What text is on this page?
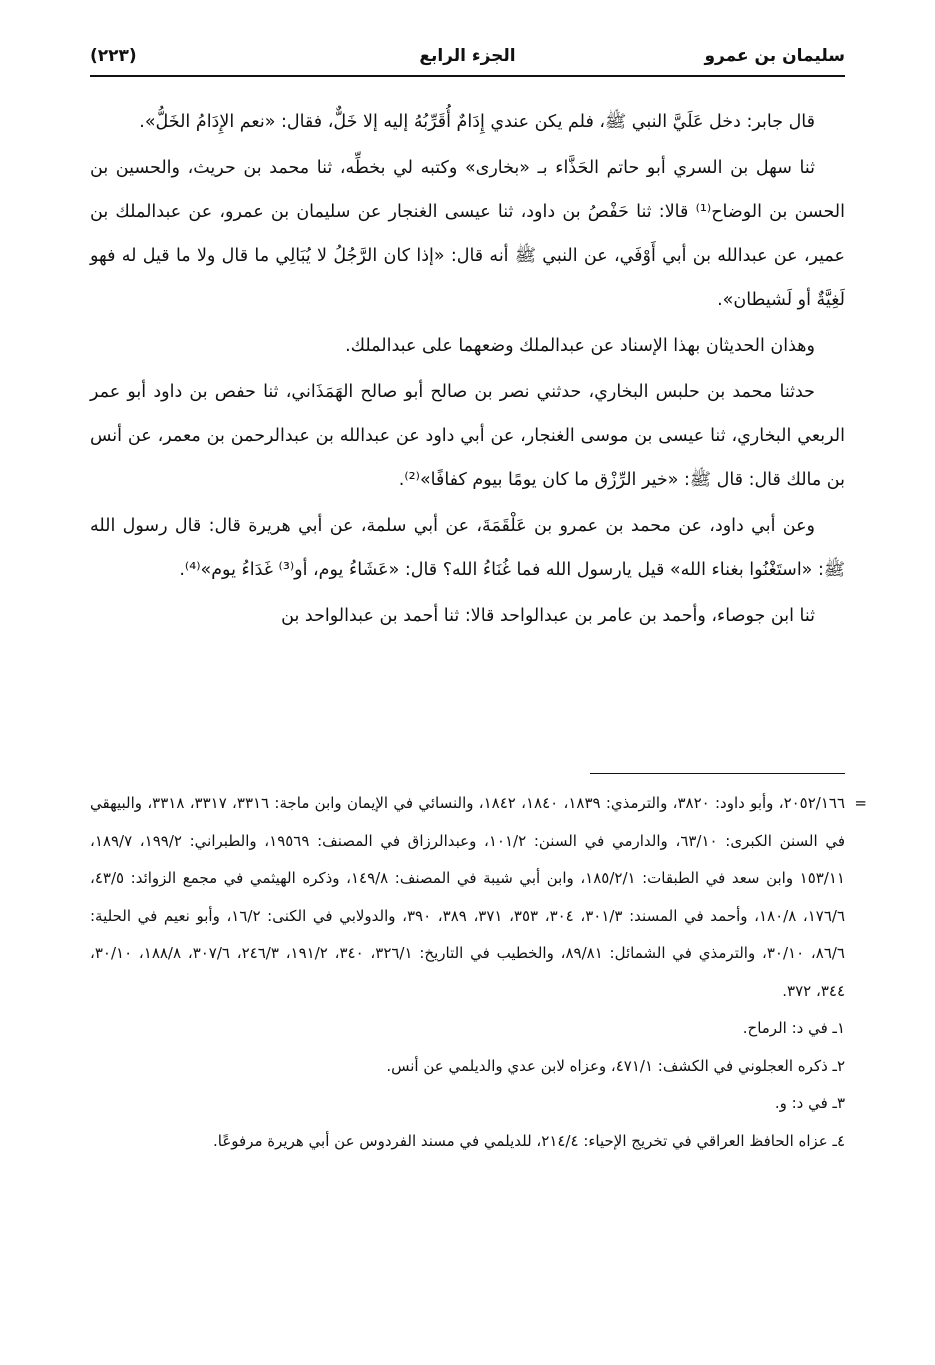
سليمان بن عمرو
الجزء الرابع
(٢٢٣)

قال جابر: دخل عَلَيَّ النبي ﷺ، فلم يكن عندي إِدَامٌ أُقَرِّبُهُ إليه إلا خَلٌّ، فقال: «نعم الإِدَامُ الخَلُّ».

ثنا سهل بن السري أبو حاتم الحَذَّاء بـ «بخارى» وكتبه لي بخطِّه، ثنا محمد بن حريث، والحسين بن الحسن بن الوضاح⁽¹⁾ قالا: ثنا حَفْصُ بن داود، ثنا عيسى الغنجار عن سليمان بن عمرو، عن عبدالملك بن عمير، عن عبدالله بن أبي أَوْفَي، عن النبي ﷺ أنه قال: «إذا كان الرَّجُلُ لا يُبَالِي ما قال ولا ما قيل له فهو لَغِيَّةٌ أو لَشيطان».

وهذان الحديثان بهذا الإسناد عن عبدالملك وضعهما على عبدالملك.

حدثنا محمد بن حلبس البخاري، حدثني نصر بن صالح أبو صالح الهَمَذَاني، ثنا حفص بن داود أبو عمر الربعي البخاري، ثنا عيسى بن موسى الغنجار، عن أبي داود عن عبدالله بن عبدالرحمن بن معمر، عن أنس بن مالك قال: قال ﷺ: «خير الرِّزْق ما كان يومًا بيوم كفافًا»⁽²⁾.

وعن أبي داود، عن محمد بن عمرو بن عَلْقَمَةَ، عن أبي سلمة، عن أبي هريرة قال: قال رسول الله ﷺ: «استَغْنُوا بغناء الله» قيل يارسول الله فما غُنَاءُ الله؟ قال: «عَشَاءُ يوم، أو⁽³⁾ غَدَاءُ يوم»⁽⁴⁾.

ثنا ابن جوصاء، وأحمد بن عامر بن عبدالواحد قالا: ثنا أحمد بن عبدالواحد بن

=

٢٠٥٢/١٦٦، وأبو داود: ٣٨٢٠، والترمذي: ١٨٣٩، ١٨٤٠، ١٨٤٢، والنسائي في الإيمان وابن ماجة: ٣٣١٦، ٣٣١٧، ٣٣١٨، والبيهقي في السنن الكبرى: ٦٣/١٠، والدارمي في السنن: ١٠١/٢، وعبدالرزاق في المصنف: ١٩٥٦٩، والطبراني: ١٩٩/٢، ١٨٩/٧، ١٥٣/١١ وابن سعد في الطبقات: ١٨٥/٢/١، وابن أبي شيبة في المصنف: ١٤٩/٨، وذكره الهيثمي في مجمع الزوائد: ٤٣/٥، ١٧٦/٦، ١٨٠/٨، وأحمد في المسند: ٣٠١/٣، ٣٠٤، ٣٥٣، ٣٧١، ٣٨٩، ٣٩٠، والدولابي في الكنى: ١٦/٢، وأبو نعيم في الحلية: ٨٦/٦، ٣٠/١٠، والترمذي في الشمائل: ٨٩/٨١، والخطيب في التاريخ: ٣٢٦/١، ٣٤٠، ١٩١/٢، ٢٤٦/٣، ٣٠٧/٦، ١٨٨/٨، ٣٠/١٠، ٣٤٤، ٣٧٢.

١ـ في د: الرماح.

٢ـ ذكره العجلوني في الكشف: ٤٧١/١، وعزاه لابن عدي والديلمي عن أنس.

٣ـ في د: و.

٤ـ عزاه الحافظ العراقي في تخريج الإحياء: ٢١٤/٤، للديلمي في مسند الفردوس عن أبي هريرة مرفوعًا.
